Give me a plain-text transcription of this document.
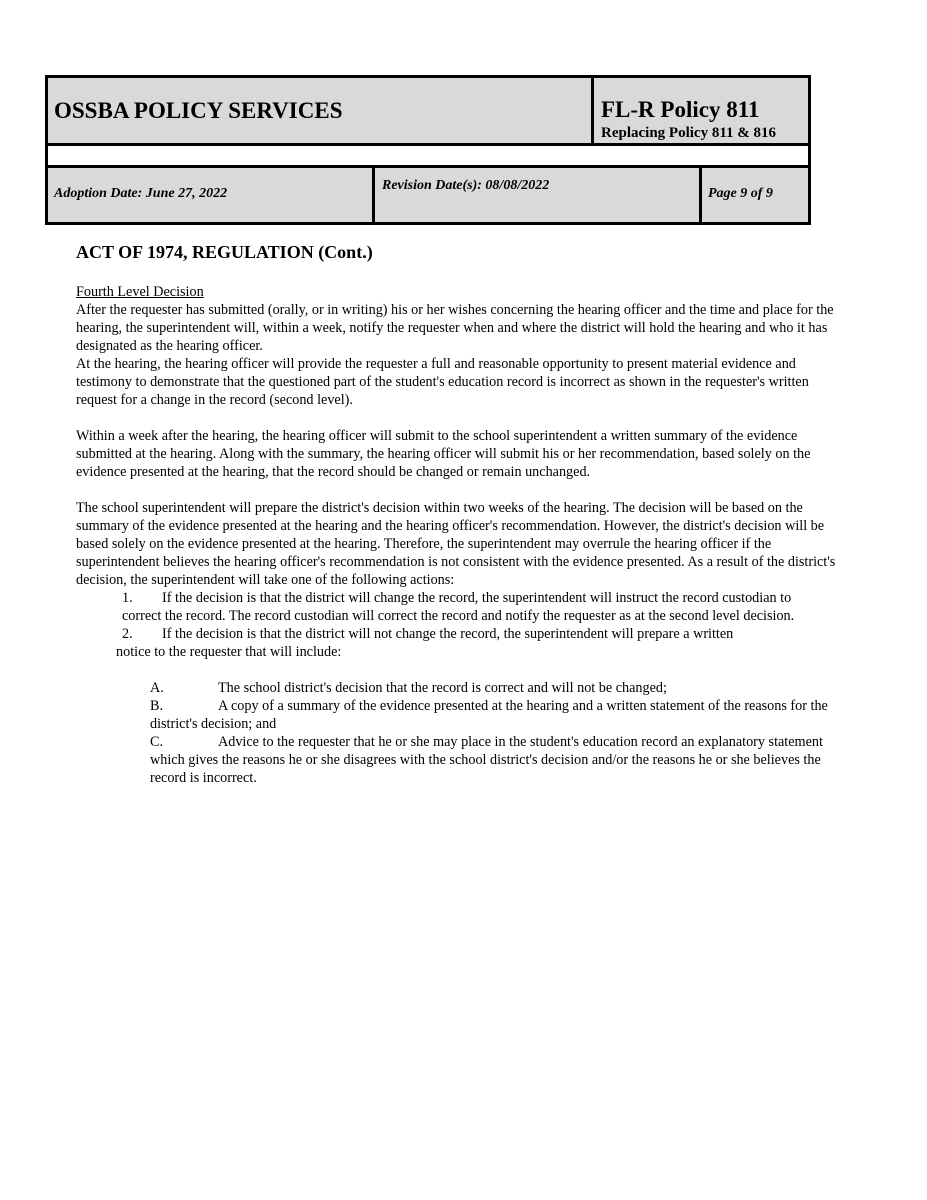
OSSBA POLICY SERVICES	FL-R Policy 811
Replacing Policy 811 & 816
Adoption Date: June 27, 2022
Revision Date(s): 08/08/2022
Page 9 of 9
ACT OF 1974, REGULATION (Cont.)

Fourth Level Decision

After the requester has submitted (orally, or in writing) his or her wishes concerning the hearing officer and the time and place for the hearing, the superintendent will, within a week, notify the requester when and where the district will hold the hearing and who it has designated as the hearing officer.

At the hearing, the hearing officer will provide the requester a full and reasonable opportunity to present material evidence and testimony to demonstrate that the questioned part of the student's education record is incorrect as shown in the requester's written request for a change in the record (second level).

Within a week after the hearing, the hearing officer will submit to the school superintendent a written summary of the evidence submitted at the hearing. Along with the summary, the hearing officer will submit his or her recommendation, based solely on the evidence presented at the hearing, that the record should be changed or remain unchanged.

The school superintendent will prepare the district's decision within two weeks of the hearing. The decision will be based on the summary of the evidence presented at the hearing and the hearing officer's recommendation. However, the district's decision will be based solely on the evidence presented at the hearing. Therefore, the superintendent may overrule the hearing officer if the superintendent believes the hearing officer's recommendation is not consistent with the evidence presented. As a result of the district's decision, the superintendent will take one of the following actions:

1. If the decision is that the district will change the record, the superintendent will instruct the record custodian to

correct the record. The record custodian will correct the record and notify the requester as at the second level decision.

2. If the decision is that the district will not change the record, the superintendent will prepare a written

notice to the requester that will include:

A.	The school district's decision that the record is correct and will not be changed;

B.	A copy of a summary of the evidence presented at the hearing and a written statement of the reasons for the district's decision; and

C.	Advice to the requester that he or she may place in the student's education record an explanatory statement which gives the reasons he or she disagrees with the school district's decision and/or the reasons he or she believes the record is incorrect.
